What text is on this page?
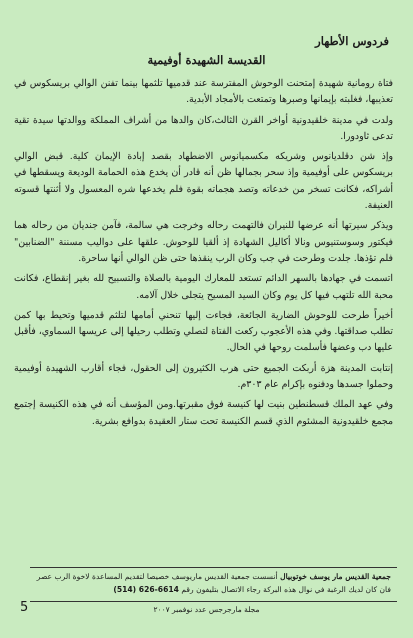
فردوس الأطهار
القديسة الشهيدة أوفيمية

فتاة رومانية شهيدة إمتحنت الوحوش المفترسة عند قدميها تلثمها بينما تفنن الوالي بريسكوس في تعذيبها، فغلبته بإيمانها وصبرها وتمتعت بالأمجاد الأبدية.

ولدت في مدينة خلقيدونية أواخر القرن الثالث،كان والدها من أشراف المملكة ووالدتها سيدة تقية تدعى ثاودورا.

وإذ شن دقلديانوس وشريكه مكسميانوس الاضطهاد بقصد إبادة الإيمان كلية. قبض الوالي بريسكوس على أوفيمية وإذ سحر بجمالها ظن أنه قادر أن يخدع هذه الحمامة الوديعة ويسقطها في أشراكه، فكانت تسخر من خدعاته وتصد هجماته بقوة فلم يخدعها شره المعسول ولا أثنتها قسوته العنيفة.

ويذكر سيرتها أنه عرضها للنيران فالتهمت رحاله وخرجت هي سالمة، فآمن جنديان من رحاله هما فيكتور وسوستنيوس ونالا أكاليل الشهادة إذ ألقيا للوحوش. علقها على دواليب مسننة "الضنابين" فلم تؤذها. جلدت وطرحت في جب وكان الرب ينقذها حتى ظن الوالي أنها ساحرة.

اتسمت في جهادها بالسهر الدائم تستعد للمعارك اليومية بالصلاة والتسبيح لله بغير إنقطاع، فكانت محبة الله تلتهب فيها كل يوم وكان السيد المسيح يتجلى خلال آلامه.

أخيراً طرحت للوحوش الضارية الجائعة، فجاءت إليها تنحني أمامها لتلثم قدميها وتحيط بها كمن تطلب صداقتها. وفي هذه الأعجوب ركعت الفتاة لتصلي وتطلب رحيلها إلى عريسها السماوي، فأقبل عليها دب وعضها فأسلمت روحها في الحال.

إنتابت المدينة هزة أربكت الجميع حتى هرب الكثيرون إلى الحقول، فجاء أقارب الشهيدة أوفيمية وحملوا جسدها ودفنوه بإكرام عام ٣٠٣م.

وفي عهد الملك قسطنطين بنيت لها كنيسة فوق مقبرتها.ومن المؤسف أنه في هذه الكنيسة إجتمع مجمع خلقيدونية المشئوم الذي قسم الكنيسة تحت ستار العقيدة بدوافع بشرية.

جمعية القديس مار يوسف خوتوبيال أنسست جمعية القديس ماريوسف خصيصا لتقديم المساعدة لاخوة الرب عصر
فان كان لديك الرغبة في نوال هذه البركة رجاء الاتصال بتليفون رقم (514) 626-6614
مجلة مارجرجس عدد نوفمبر ٢٠٠٧
5
